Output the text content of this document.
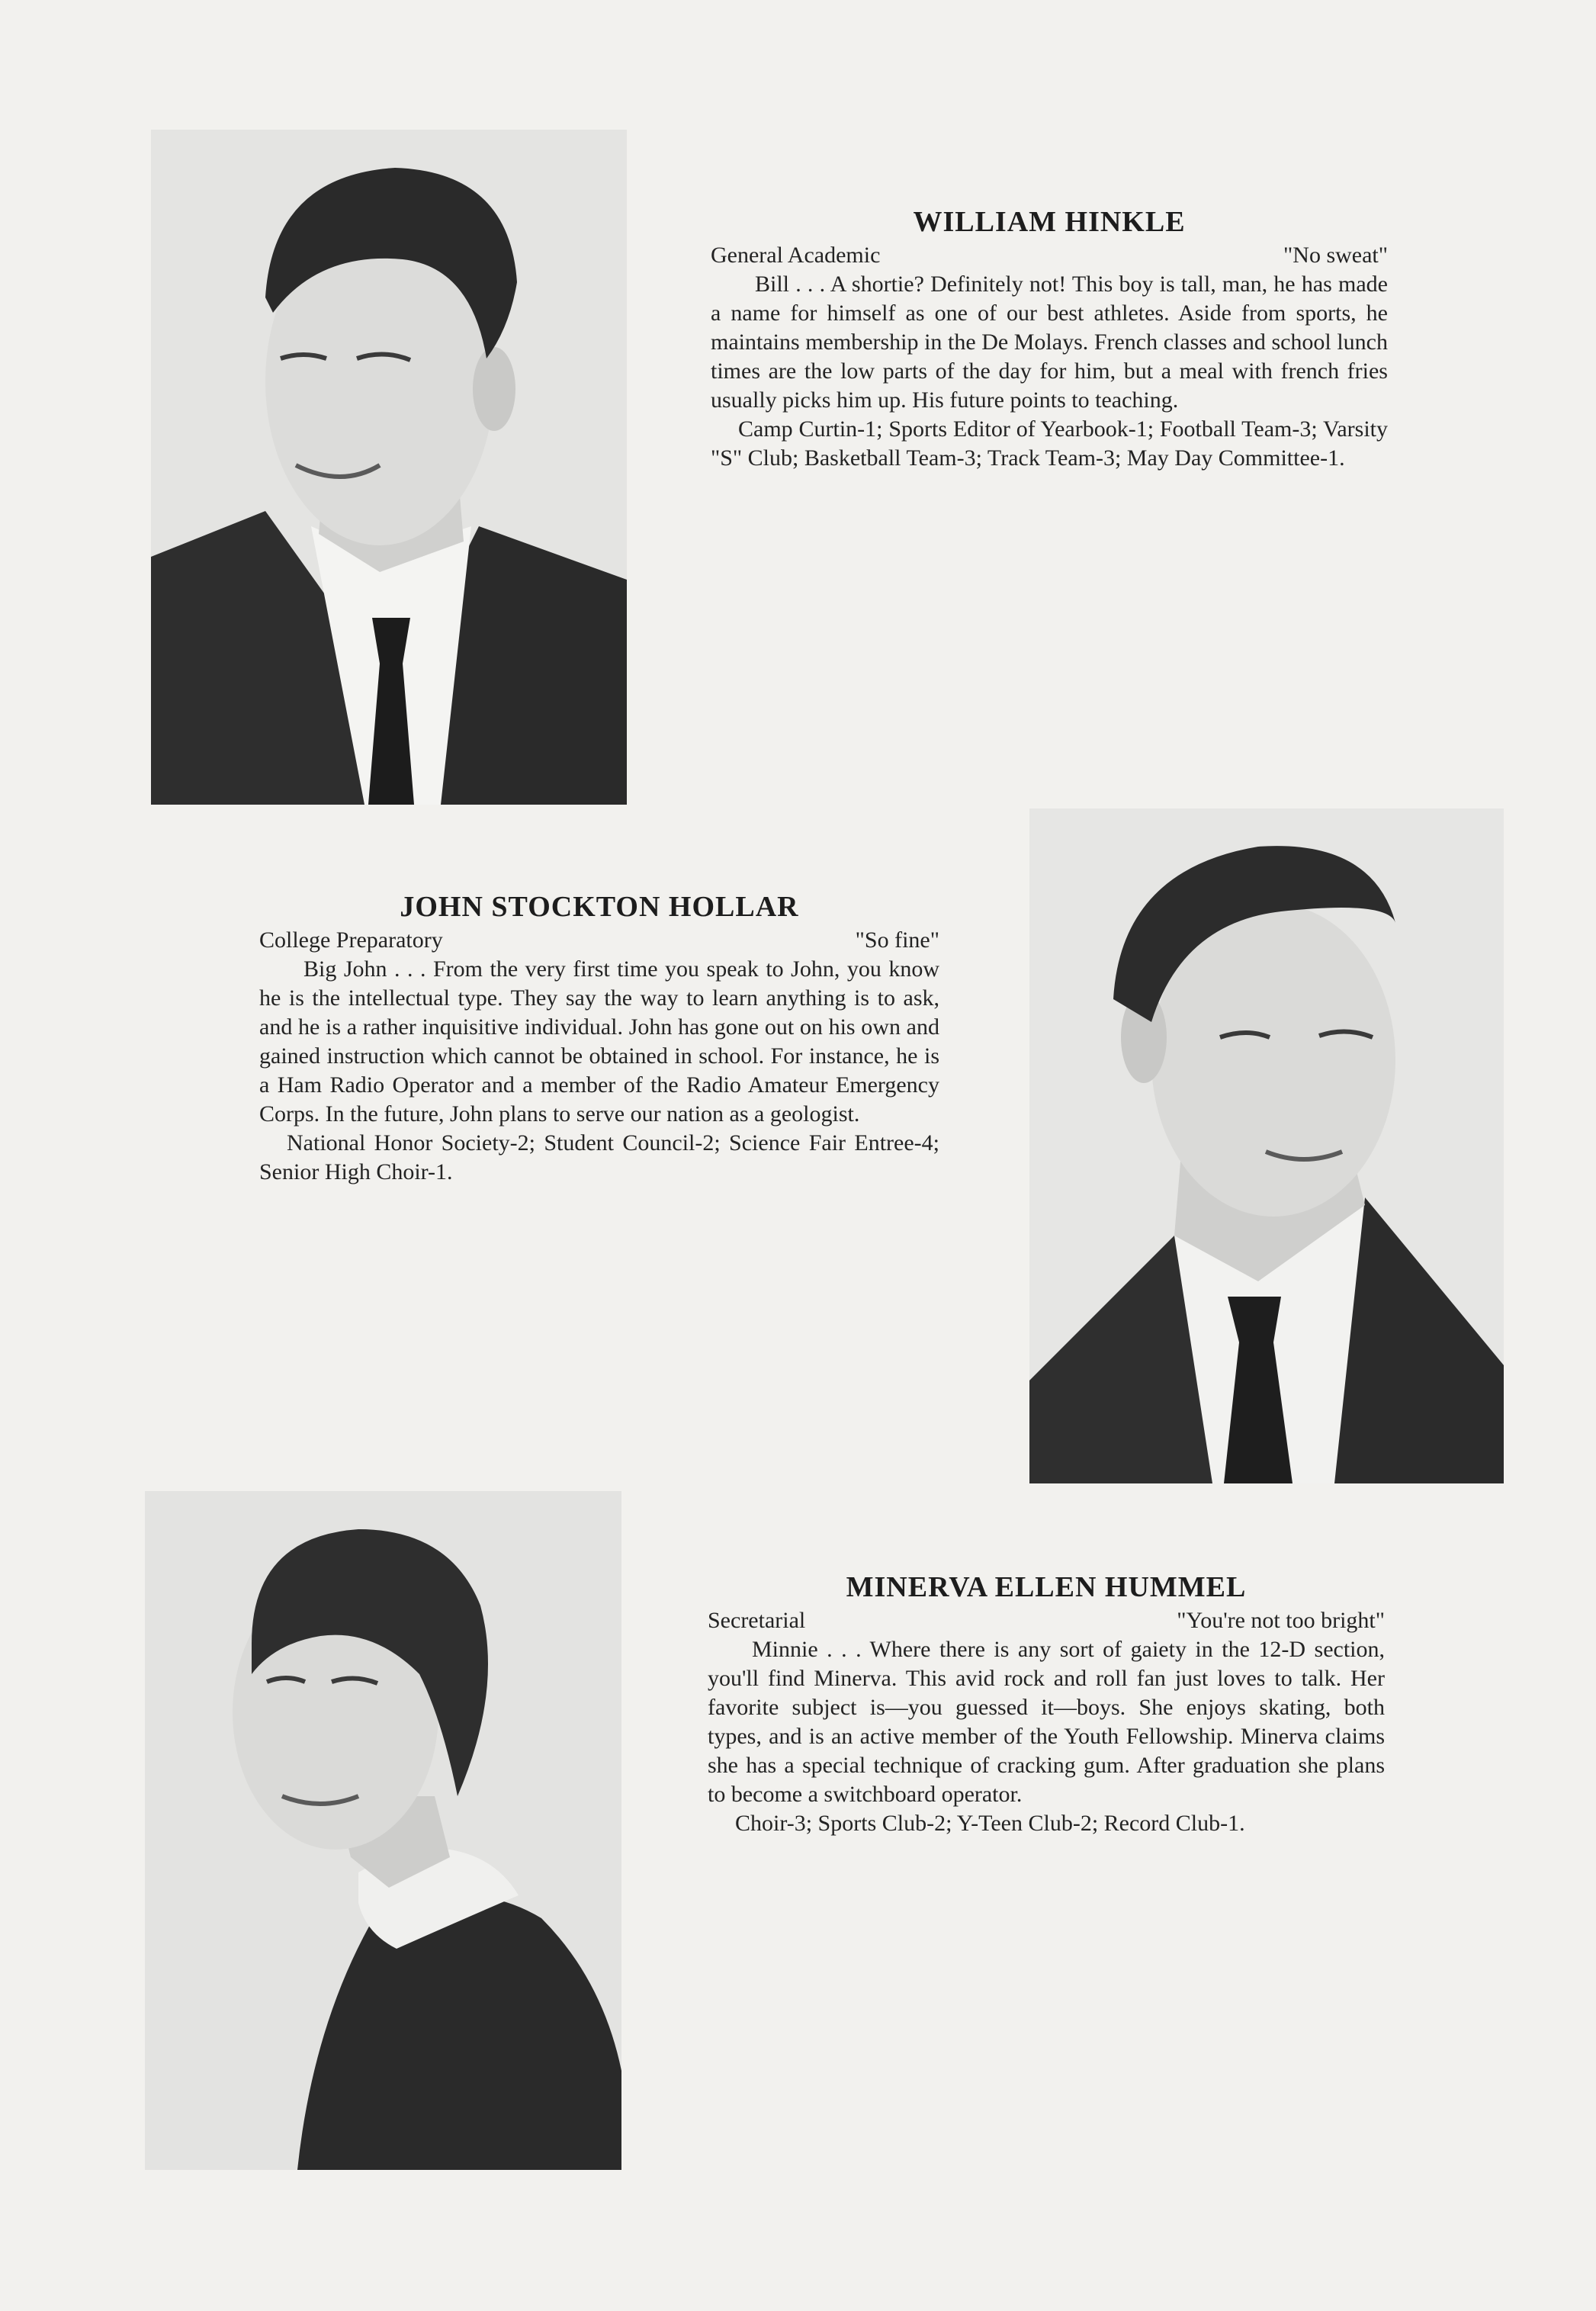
WILLIAM HINKLE
General Academic	"No sweat"

Bill . . . A shortie? Definitely not! This boy is tall, man, he has made a name for himself as one of our best athletes. Aside from sports, he maintains membership in the De Molays. French classes and school lunch times are the low parts of the day for him, but a meal with french fries usually picks him up. His future points to teaching.

Camp Curtin-1; Sports Editor of Yearbook-1; Football Team-3; Varsity "S" Club; Basketball Team-3; Track Team-3; May Day Committee-1.

JOHN STOCKTON HOLLAR
College Preparatory	"So fine"

Big John . . . From the very first time you speak to John, you know he is the intellectual type. They say the way to learn anything is to ask, and he is a rather inquisitive individual. John has gone out on his own and gained instruction which cannot be obtained in school. For instance, he is a Ham Radio Operator and a member of the Radio Amateur Emergency Corps. In the future, John plans to serve our nation as a geologist.

National Honor Society-2; Student Council-2; Science Fair Entree-4; Senior High Choir-1.

MINERVA ELLEN HUMMEL
Secretarial	"You're not too bright"

Minnie . . . Where there is any sort of gaiety in the 12-D section, you'll find Minerva. This avid rock and roll fan just loves to talk. Her favorite subject is—you guessed it—boys. She enjoys skating, both types, and is an active member of the Youth Fellowship. Minerva claims she has a special technique of cracking gum. After graduation she plans to become a switchboard operator.

Choir-3; Sports Club-2; Y-Teen Club-2; Record Club-1.
